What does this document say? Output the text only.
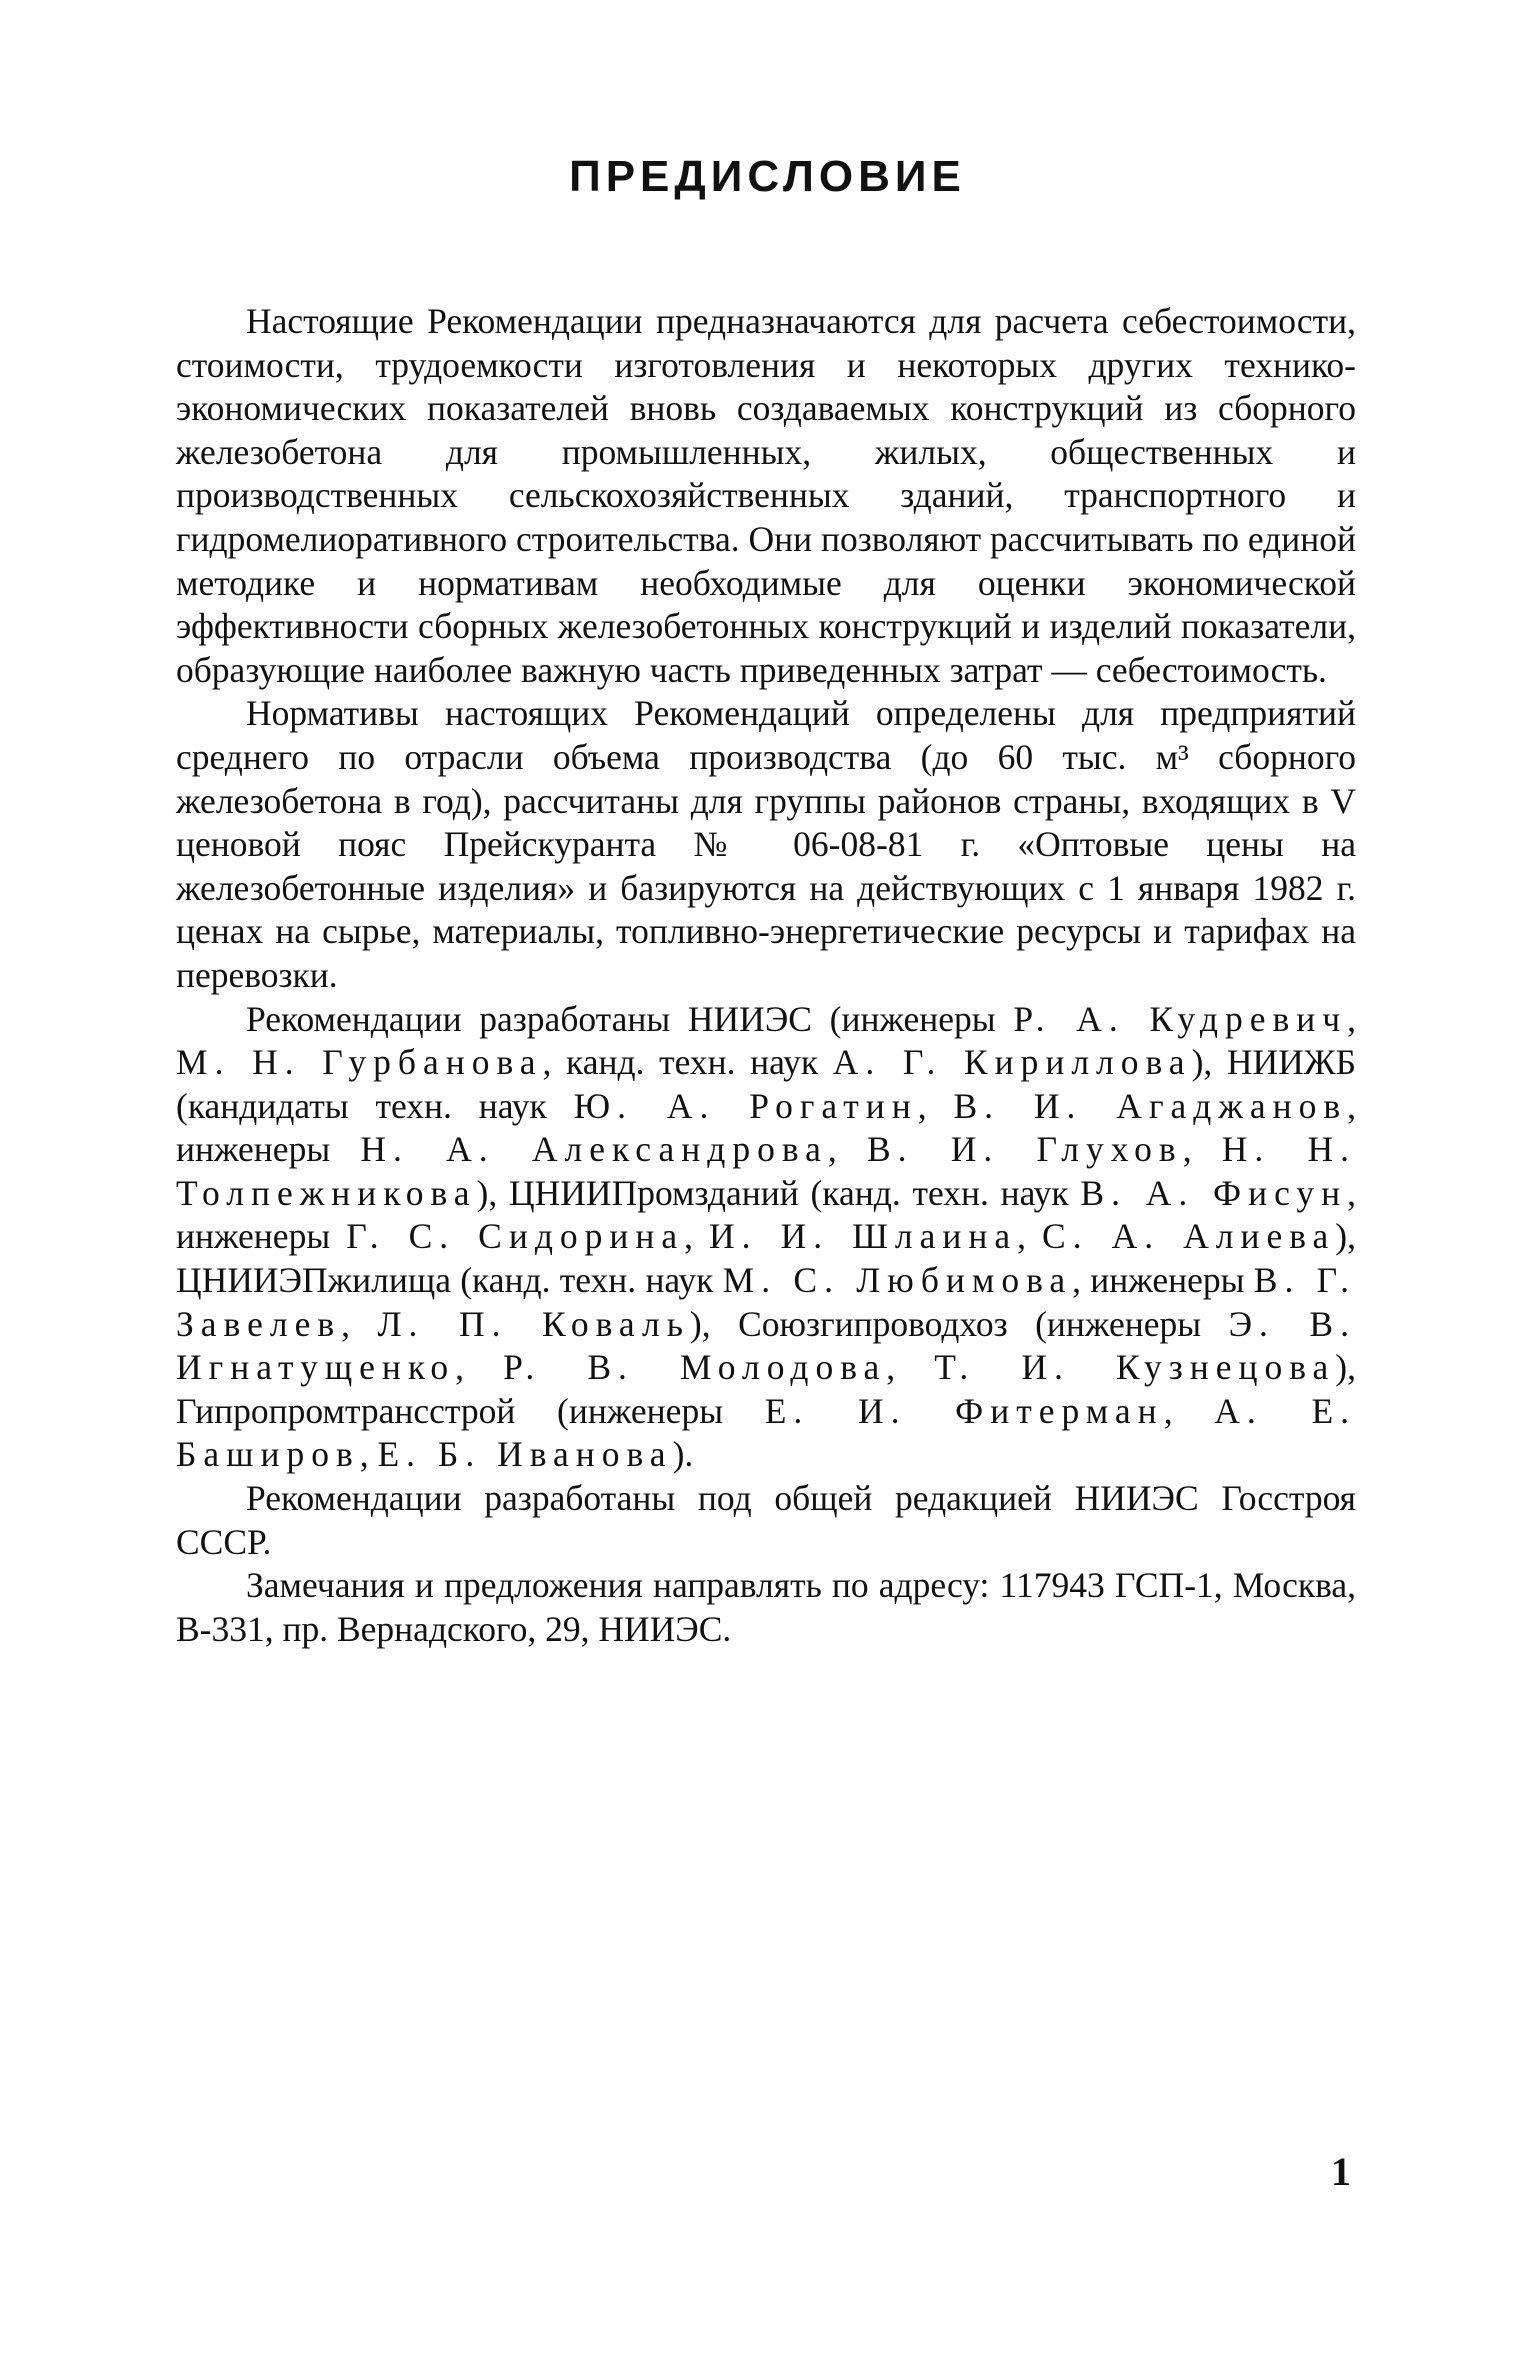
ПРЕДИСЛОВИЕ

Настоящие Рекомендации предназначаются для расчета себестоимости, стоимости, трудоемкости изготовления и некоторых других технико-экономических показателей вновь создаваемых конструкций из сборного железобетона для промышленных, жилых, общественных и производственных сельскохозяйственных зданий, транспортного и гидромелиоративного строительства. Они позволяют рассчитывать по единой методике и нормативам необходимые для оценки экономической эффективности сборных железобетонных конструкций и изделий показатели, образующие наиболее важную часть приведенных затрат — себестоимость.

Нормативы настоящих Рекомендаций определены для предприятий среднего по отрасли объема производства (до 60 тыс. м³ сборного железобетона в год), рассчитаны для группы районов страны, входящих в V ценовой пояс Прейскуранта № 06-08-81 г. «Оптовые цены на железобетонные изделия» и базируются на действующих с 1 января 1982 г. ценах на сырье, материалы, топливно-энергетические ресурсы и тарифах на перевозки.

Рекомендации разработаны НИИЭС (инженеры Р. А. Кудревич, М. Н. Гурбанова, канд. техн. наук А. Г. Кириллова), НИИЖБ (кандидаты техн. наук Ю. А. Рогатин, В. И. Агаджанов, инженеры Н. А. Александрова, В. И. Глухов, Н. Н. Толпежникова), ЦНИИПромзданий (канд. техн. наук В. А. Фисун, инженеры Г. С. Сидорина, И. И. Шлаина, С. А. Алиева), ЦНИИЭПжилища (канд. техн. наук М. С. Любимова, инженеры В. Г. Завелев, Л. П. Коваль), Союзгипроводхоз (инженеры Э. В. Игнатущенко, Р. В. Молодова, Т. И. Кузнецова), Гипропромтрансстрой (инженеры Е. И. Фитерман, А. Е. Баширов, Е. Б. Иванова).

Рекомендации разработаны под общей редакцией НИИЭС Госстроя СССР.

Замечания и предложения направлять по адресу: 117943 ГСП-1, Москва, В-331, пр. Вернадского, 29, НИИЭС.

1
